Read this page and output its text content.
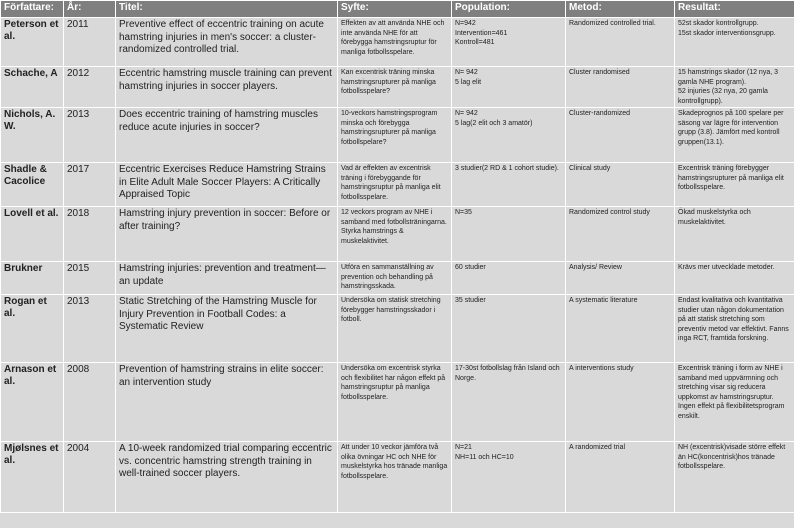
Författare:	År:	Titel:	Syfte:	Population:	Metod:	Resultat:
Peterson et al.	2011	Preventive effect of eccentric training on acute hamstring injuries in men's soccer: a cluster-randomized controlled trial.	Effekten av att använda NHE och inte använda NHE för att förebygga hamstringsruptur för manliga fotbollsspelare.	N=942
Intervention=461
Kontroll=481	Randomized controlled trial.	52st skador kontrollgrupp.
15st skador interventionsgrupp.
Schache, A	2012	Eccentric hamstring muscle training can prevent hamstring injuries in soccer players.	Kan excentrisk träning minska hamstringsrupturer på manliga fotbollsspelare?	N= 942
5 lag elit	Cluster randomised	15 hamstrings skador (12 nya, 3 gamla NHE program).
52 injuries (32 nya, 20 gamla kontrollgrupp).
Nichols, A. W.	2013	Does eccentric training of hamstring muscles reduce acute injuries in soccer?	10-veckors hamstringsprogram minska och förebygga hamstringsrupturer på manliga fotbollspelare?	N= 942
5 lag(2 elit och 3 amatör)	Cluster-randomized	Skadeprognos på 100 spelare per säsong var lägre för intervention grupp (3.8). Jämfört med kontroll gruppen(13.1).
Shadle & Cacolice	2017	Eccentric Exercises Reduce Hamstring Strains in Elite Adult Male Soccer Players: A Critically Appraised Topic	Vad är effekten av excentrisk träning i förebyggande för hamstringsruptur på manliga elit fotbollsspelare.	3 studier(2 RD & 1 cohort studie).	Clinical study	Excentrisk träning förebygger hamstringsrupturer på manliga elit fotbollsspelare.
Lovell et al.	2018	Hamstring injury prevention in soccer: Before or after training?	12 veckors program av NHE i samband med fotbollsträningarna.
Styrka hamstrings & muskelaktivitet.	N=35	Randomized control study	Ökad muskelstyrka och muskelaktivitet.
Brukner	2015	Hamstring injuries: prevention and treatment—an update	Utföra en sammanställning av prevention och behandling på hamstringsskada.	60 studier	Analysis/ Review	Krävs mer utvecklade metoder.
Rogan et al.	2013	Static Stretching of the Hamstring Muscle for Injury Prevention in Football Codes: a Systematic Review	Undersöka om statisk stretching förebygger hamstringsskador i fotboll.	35 studier	A systematic literature	Endast kvalitativa och kvantitativa studier utan någon dokumentation på att statisk stretching som preventiv metod var effektivt. Fanns inga RCT, framtida forskning.
Arnason et al.	2008	Prevention of hamstring strains in elite soccer: an intervention study	Undersöka om excentrisk styrka och flexibilitet har någon effekt på hamstringsruptur på manliga fotbollsspelare.	17-30st fotbollslag från Island och Norge.	A interventions study	Excentrisk träning i form av NHE i samband med uppvärmning och stretching visar sig reducera uppkomst av hamstringsruptur. Ingen effekt på flexibilitetsprogram enskilt.
Mjølsnes et al.	2004	A 10-week randomized trial comparing eccentric vs. concentric hamstring strength training in well-trained soccer players.	Att under 10 veckor jämföra två olika övningar HC och NHE för muskelstyrka hos tränade manliga fotbollsspelare.	N=21
NH=11 och HC=10	A randomized trial	NH (excentrisk)visade större effekt än HC(koncentrisk)hos tränade fotbollsspelare.
